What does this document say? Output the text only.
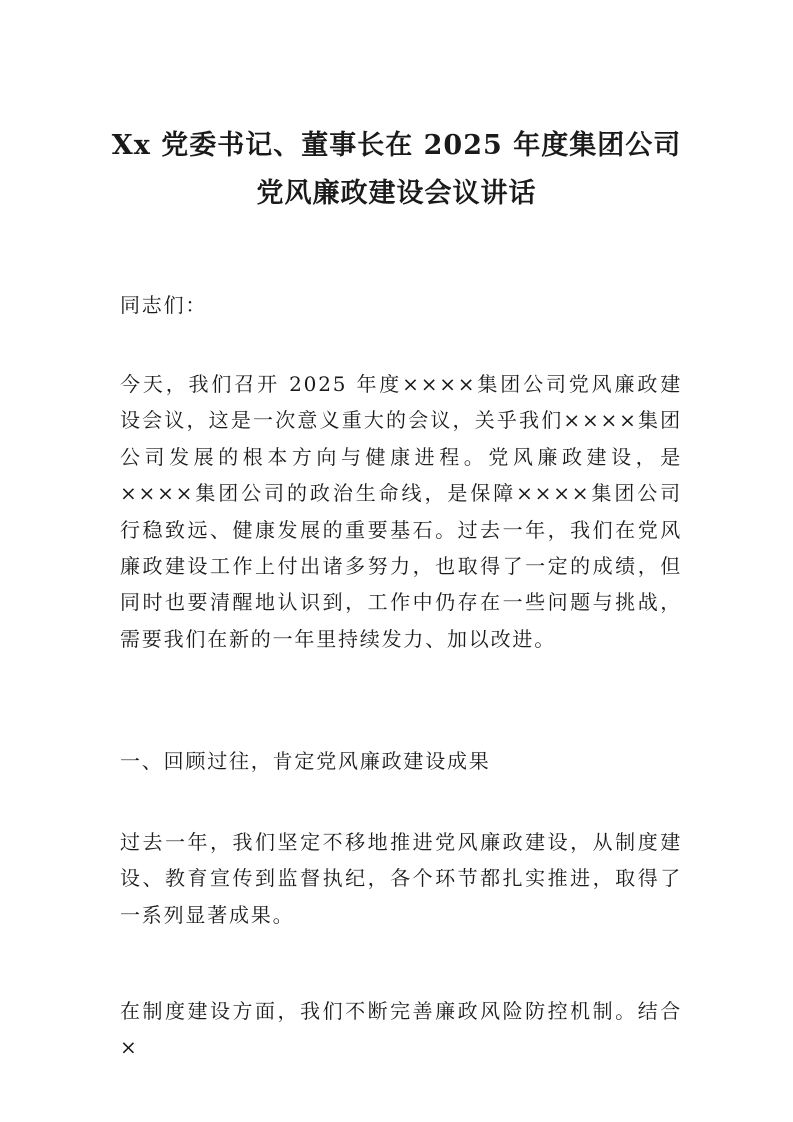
Xx 党委书记、董事长在 2025 年度集团公司
党风廉政建设会议讲话

同志们：

今天，我们召开 2025 年度××××集团公司党风廉政建设会议，这是一次意义重大的会议，关乎我们××××集团公司发展的根本方向与健康进程。党风廉政建设，是××××集团公司的政治生命线，是保障××××集团公司行稳致远、健康发展的重要基石。过去一年，我们在党风廉政建设工作上付出诸多努力，也取得了一定的成绩，但同时也要清醒地认识到，工作中仍存在一些问题与挑战，需要我们在新的一年里持续发力、加以改进。

一、回顾过往，肯定党风廉政建设成果

过去一年，我们坚定不移地推进党风廉政建设，从制度建设、教育宣传到监督执纪，各个环节都扎实推进，取得了一系列显著成果。

在制度建设方面，我们不断完善廉政风险防控机制。结合×
